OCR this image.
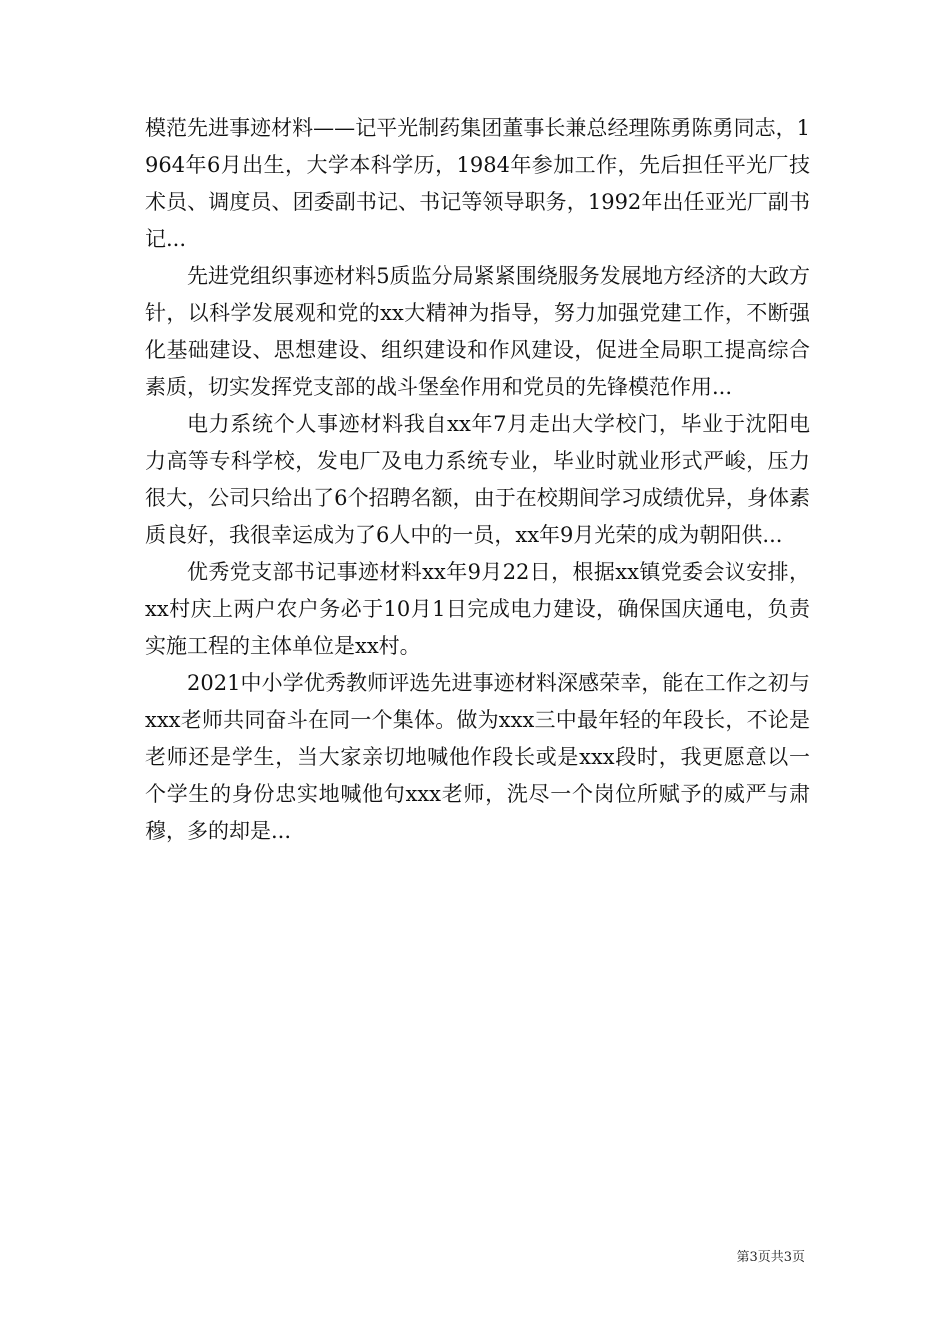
模范先进事迹材料——记平光制药集团董事长兼总经理陈勇陈勇同志，1964年6月出生，大学本科学历，1984年参加工作，先后担任平光厂技术员、调度员、团委副书记、书记等领导职务，1992年出任亚光厂副书记...

先进党组织事迹材料5质监分局紧紧围绕服务发展地方经济的大政方针，以科学发展观和党的xx大精神为指导，努力加强党建工作，不断强化基础建设、思想建设、组织建设和作风建设，促进全局职工提高综合素质，切实发挥党支部的战斗堡垒作用和党员的先锋模范作用...

电力系统个人事迹材料我自xx年7月走出大学校门，毕业于沈阳电力高等专科学校，发电厂及电力系统专业，毕业时就业形式严峻，压力很大，公司只给出了6个招聘名额，由于在校期间学习成绩优异，身体素质良好，我很幸运成为了6人中的一员，xx年9月光荣的成为朝阳供...

优秀党支部书记事迹材料xx年9月22日，根据xx镇党委会议安排，xx村庆上两户农户务必于10月1日完成电力建设，确保国庆通电，负责实施工程的主体单位是xx村。

2021中小学优秀教师评选先进事迹材料深感荣幸，能在工作之初与xxx老师共同奋斗在同一个集体。做为xxx三中最年轻的年段长，不论是老师还是学生，当大家亲切地喊他作段长或是xxx段时，我更愿意以一个学生的身份忠实地喊他句xxx老师，洗尽一个岗位所赋予的威严与肃穆，多的却是...

第3页共3页
